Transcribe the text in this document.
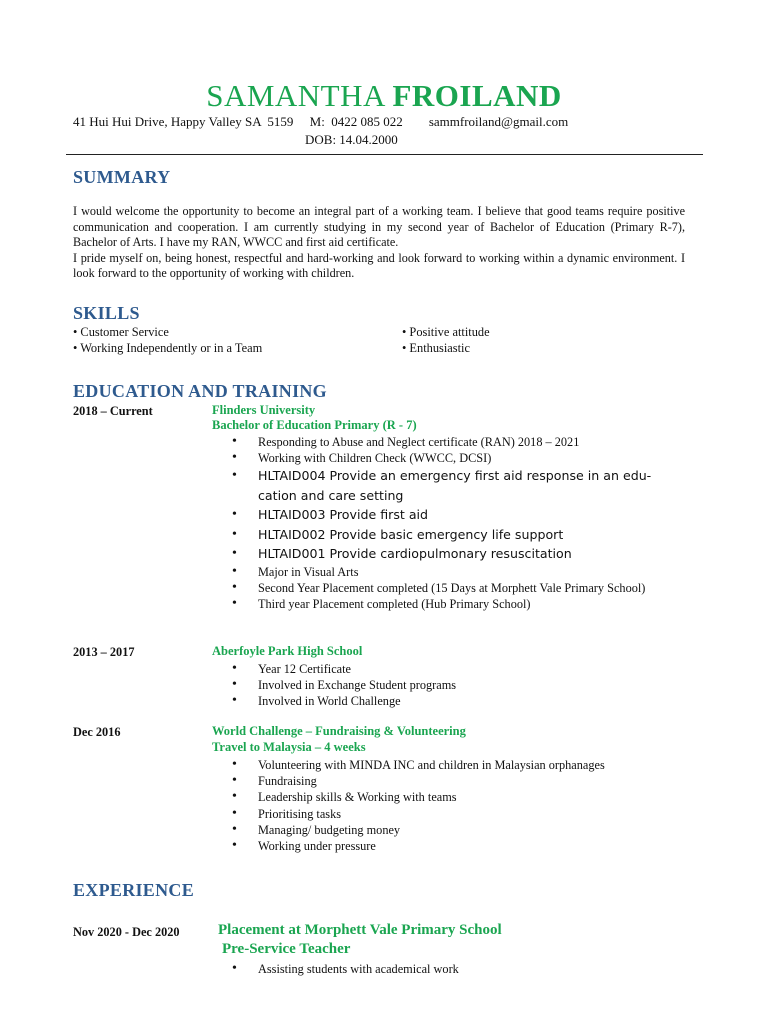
SAMANTHA FROILAND
41 Hui Hui Drive, Happy Valley SA  5159 M:  0422 085 022 sammfroiland@gmail.com
DOB: 14.04.2000
SUMMARY
I would welcome the opportunity to become an integral part of a working team. I believe that good teams require positive communication and cooperation. I am currently studying in my second year of Bachelor of Education (Primary R-7), Bachelor of Arts. I have my RAN, WWCC and first aid certificate.
I pride myself on, being honest, respectful and hard-working and look forward to working within a dynamic environment. I look forward to the opportunity of working with children.
SKILLS
• Customer Service
• Working Independently or in a Team
• Positive attitude
• Enthusiastic
EDUCATION AND TRAINING
2018 – Current	Flinders University
Bachelor of Education Primary (R - 7)
• Responding to Abuse and Neglect certificate (RAN) 2018 – 2021
• Working with Children Check (WWCC, DCSI)
• HLTAID004 Provide an emergency first aid response in an edu-cation and care setting
• HLTAID003 Provide first aid
• HLTAID002 Provide basic emergency life support
• HLTAID001 Provide cardiopulmonary resuscitation
• Major in Visual Arts
• Second Year Placement completed (15 Days at Morphett Vale Primary School)
• Third year Placement completed (Hub Primary School)
2013 – 2017	Aberfoyle Park High School
• Year 12 Certificate
• Involved in Exchange Student programs
• Involved in World Challenge
Dec 2016	World Challenge – Fundraising & Volunteering
Travel to Malaysia – 4 weeks
• Volunteering with MINDA INC and children in Malaysian orphanages
• Fundraising
• Leadership skills & Working with teams
• Prioritising tasks
• Managing/ budgeting money
• Working under pressure
EXPERIENCE
Nov 2020 - Dec 2020	Placement at Morphett Vale Primary School
Pre-Service Teacher
• Assisting students with academical work
